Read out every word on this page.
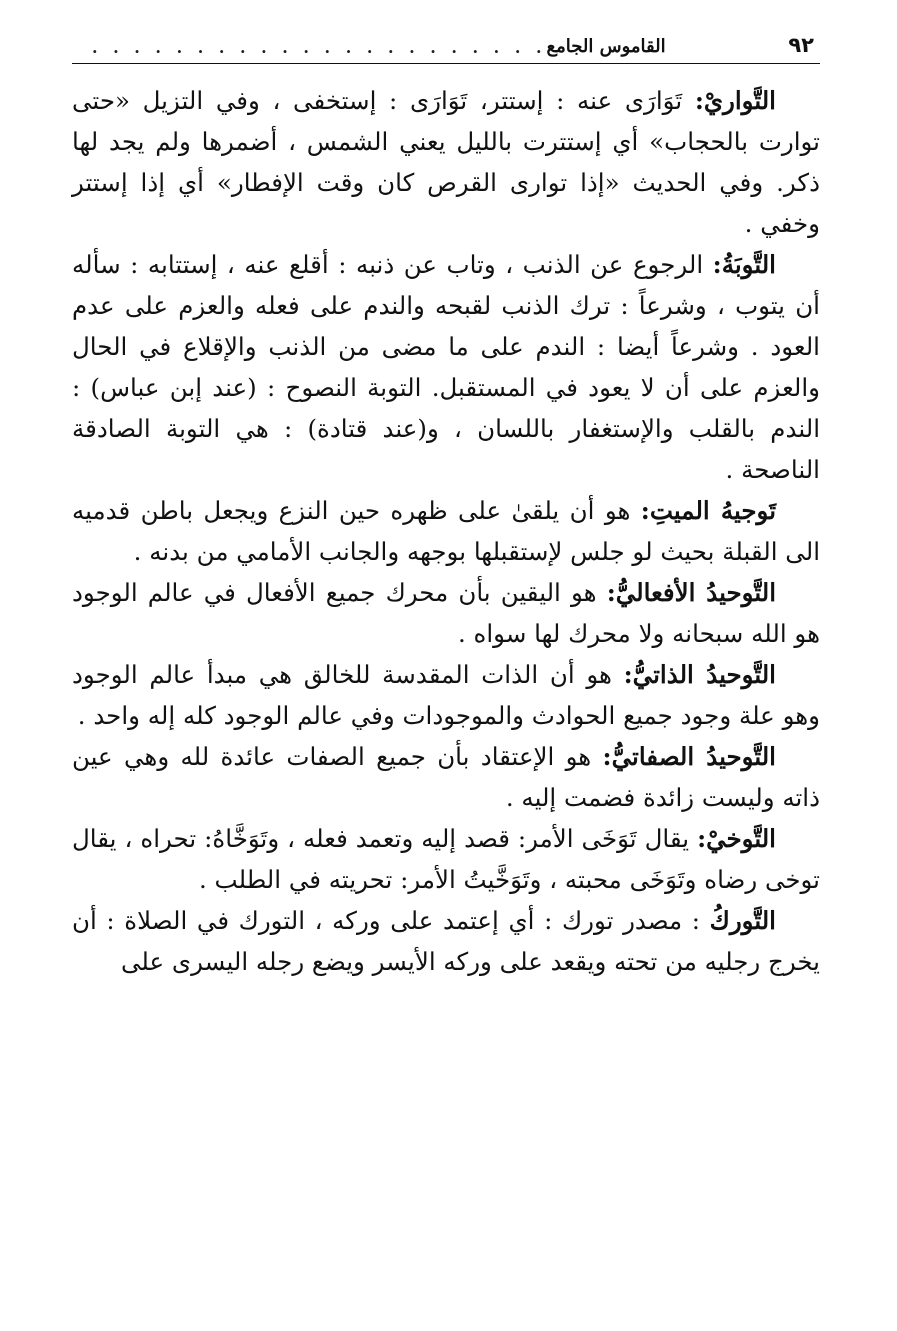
٩٢
القاموس الجامع
. . . . . . . . . . . . . . . . . . . . . .

التَّواريْ: تَوَارَى عنه : إستتر، تَوَارَى : إستخفى ، وفي التزيل «حتى توارت بالحجاب» أي إستترت بالليل يعني الشمس ، أضمرها ولم يجد لها ذكر. وفي الحديث «إذا توارى القرص كان وقت الإفطار» أي إذا إستتر وخفي .

التَّوبَةُ: الرجوع عن الذنب ، وتاب عن ذنبه : أقلع عنه ، إستتابه : سأله أن يتوب ، وشرعاً : ترك الذنب لقبحه والندم على فعله والعزم على عدم العود . وشرعاً أيضا : الندم على ما مضى من الذنب والإقلاع في الحال والعزم على أن لا يعود في المستقبل. التوبة النصوح : (عند إبن عباس) : الندم بالقلب والإستغفار باللسان ، و(عند قتادة) : هي التوبة الصادقة الناصحة .

تَوجيهُ الميتِ: هو أن يلقىٰ على ظهره حين النزع ويجعل باطن قدميه الى القبلة بحيث لو جلس لإستقبلها بوجهه والجانب الأمامي من بدنه .

التَّوحيدُ الأفعاليُّ: هو اليقين بأن محرك جميع الأفعال في عالم الوجود هو الله سبحانه ولا محرك لها سواه .

التَّوحيدُ الذاتيُّ: هو أن الذات المقدسة للخالق هي مبدأ عالم الوجود وهو علة وجود جميع الحوادث والموجودات وفي عالم الوجود كله إله واحد .

التَّوحيدُ الصفاتيُّ: هو الإعتقاد بأن جميع الصفات عائدة لله وهي عين ذاته وليست زائدة فضمت إليه .

التَّوخيْ: يقال تَوَخَى الأمر: قصد إليه وتعمد فعله ، وتَوَخَّاهُ: تحراه ، يقال توخى رضاه وتَوَخَى محبته ، وتَوَخَّيتُ الأمر: تحريته في الطلب .

التَّوركُ : مصدر تورك : أي إعتمد على وركه ، التورك في الصلاة : أن يخرج رجليه من تحته ويقعد على وركه الأيسر ويضع رجله اليسرى على
